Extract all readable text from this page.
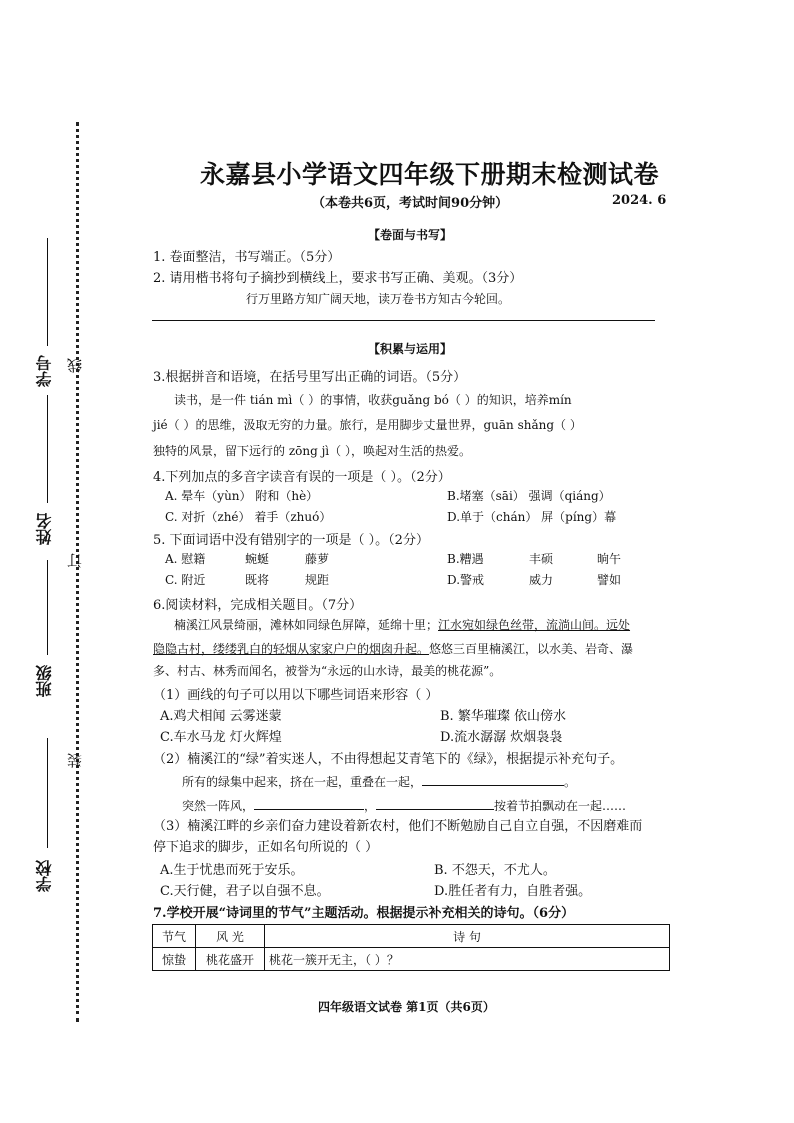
学校
班级
姓名
学号
装
订
线
永嘉县小学语文四年级下册期末检测试卷
（本卷共6页，考试时间90分钟）	2024. 6
【卷面与书写】
1. 卷面整洁，书写端正。（5分）
2. 请用楷书将句子摘抄到横线上，要求书写正确、美观。（3分）
行万里路方知广阔天地，读万卷书方知古今轮回。
【积累与运用】
3.根据拼音和语境，在括号里写出正确的词语。（5分）
读书，是一件 tián mì（ ）的事情，收获guǎng bó（ ）的知识，培养mín
jié（ ）的思维，汲取无穷的力量。旅行，是用脚步丈量世界，guān shǎng（ ）
独特的风景，留下远行的 zōng jì（ ），唤起对生活的热爱。
4.下列加点的多音字读音有误的一项是（ ）。（2分）
A. 晕车（yùn） 附和（hè）	B.堵塞（sāi） 强调（qiáng）
C. 对折（zhé） 着手（zhuó）	D.单于（chán） 屏（píng）幕
5. 下面词语中没有错别字的一项是（ ）。（2分）
A. 慰籍	蜿蜒	藤萝	B.糟遇	丰硕	晌午
C. 附近	既将	规距	D.警戒	威力	譬如
6.阅读材料，完成相关题目。（7分）
楠溪江风景绮丽，滩林如同绿色屏障，延绵十里；江水宛如绿色丝带，流淌山间。远处
隐隐古村，缕缕乳白的轻烟从家家户户的烟囱升起。悠悠三百里楠溪江，以水美、岩奇、瀑
多、村古、林秀而闻名，被誉为“永远的山水诗，最美的桃花源”。
（1）画线的句子可以用以下哪些词语来形容（ ）
A.鸡犬相闻 云雾迷蒙	B. 繁华璀璨 依山傍水
C.车水马龙 灯火辉煌	D.流水潺潺 炊烟袅袅
（2）楠溪江的“绿”着实迷人，不由得想起艾青笔下的《绿》，根据提示补充句子。
所有的绿集中起来，挤在一起，重叠在一起，	。
突然一阵风，	，	按着节拍飘动在一起……
（3）楠溪江畔的乡亲们奋力建设着新农村，他们不断勉励自己自立自强，不因磨难而
停下追求的脚步，正如名句所说的（ ）
A.生于忧患而死于安乐。	B. 不怨天，不尤人。
C.天行健，君子以自强不息。	D.胜任者有力，自胜者强。
7.学校开展“诗词里的节气”主题活动。根据提示补充相关的诗句。（6分）
节气	风 光	诗 句
惊蛰	桃花盛开	桃花一簇开无主，（ ）？
四年级语文试卷 第1页（共6页）
